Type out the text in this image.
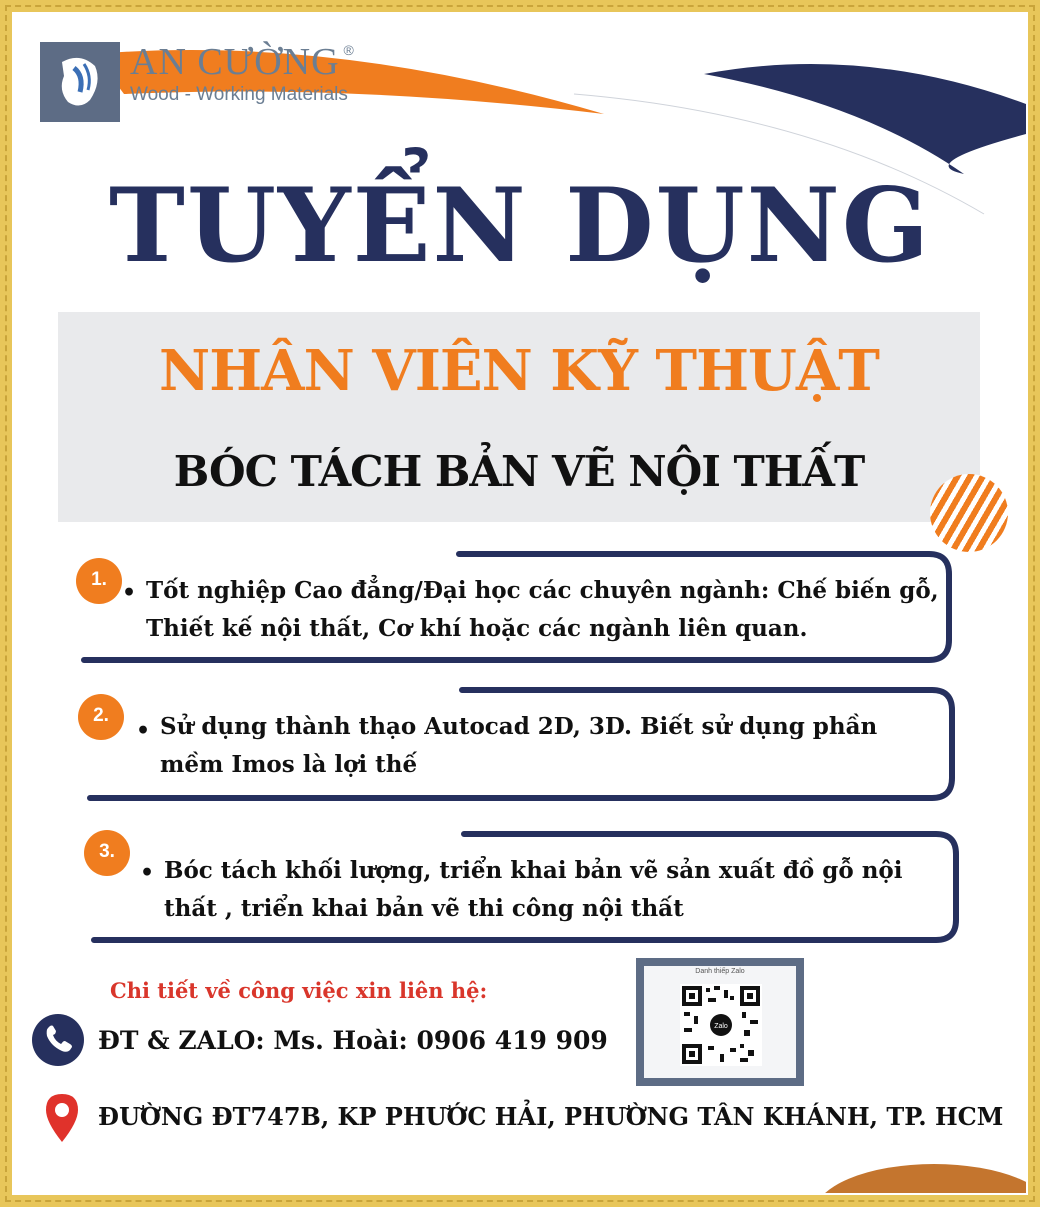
AN CƯỜNG ®
Wood - Working Materials
TUYỂN DỤNG
NHÂN VIÊN KỸ THUẬT
BÓC TÁCH BẢN VẼ NỘI THẤT
1.
• Tốt nghiệp Cao đẳng/Đại học các chuyên ngành: Chế biến gỗ,
Thiết kế nội thất, Cơ khí hoặc các ngành liên quan.
2.
• Sử dụng thành thạo Autocad 2D, 3D. Biết sử dụng phần
mềm Imos là lợi thế
3.
• Bóc tách khối lượng, triển khai bản vẽ sản xuất đồ gỗ nội
thất , triển khai bản vẽ thi công nội thất
Chi tiết về công việc xin liên hệ:
ĐT & ZALO: Ms. Hoài: 0906 419 909
ĐƯỜNG ĐT747B, KP PHƯỚC HẢI, PHƯỜNG TÂN KHÁNH, TP. HCM
Danh thiếp Zalo
Zalo
